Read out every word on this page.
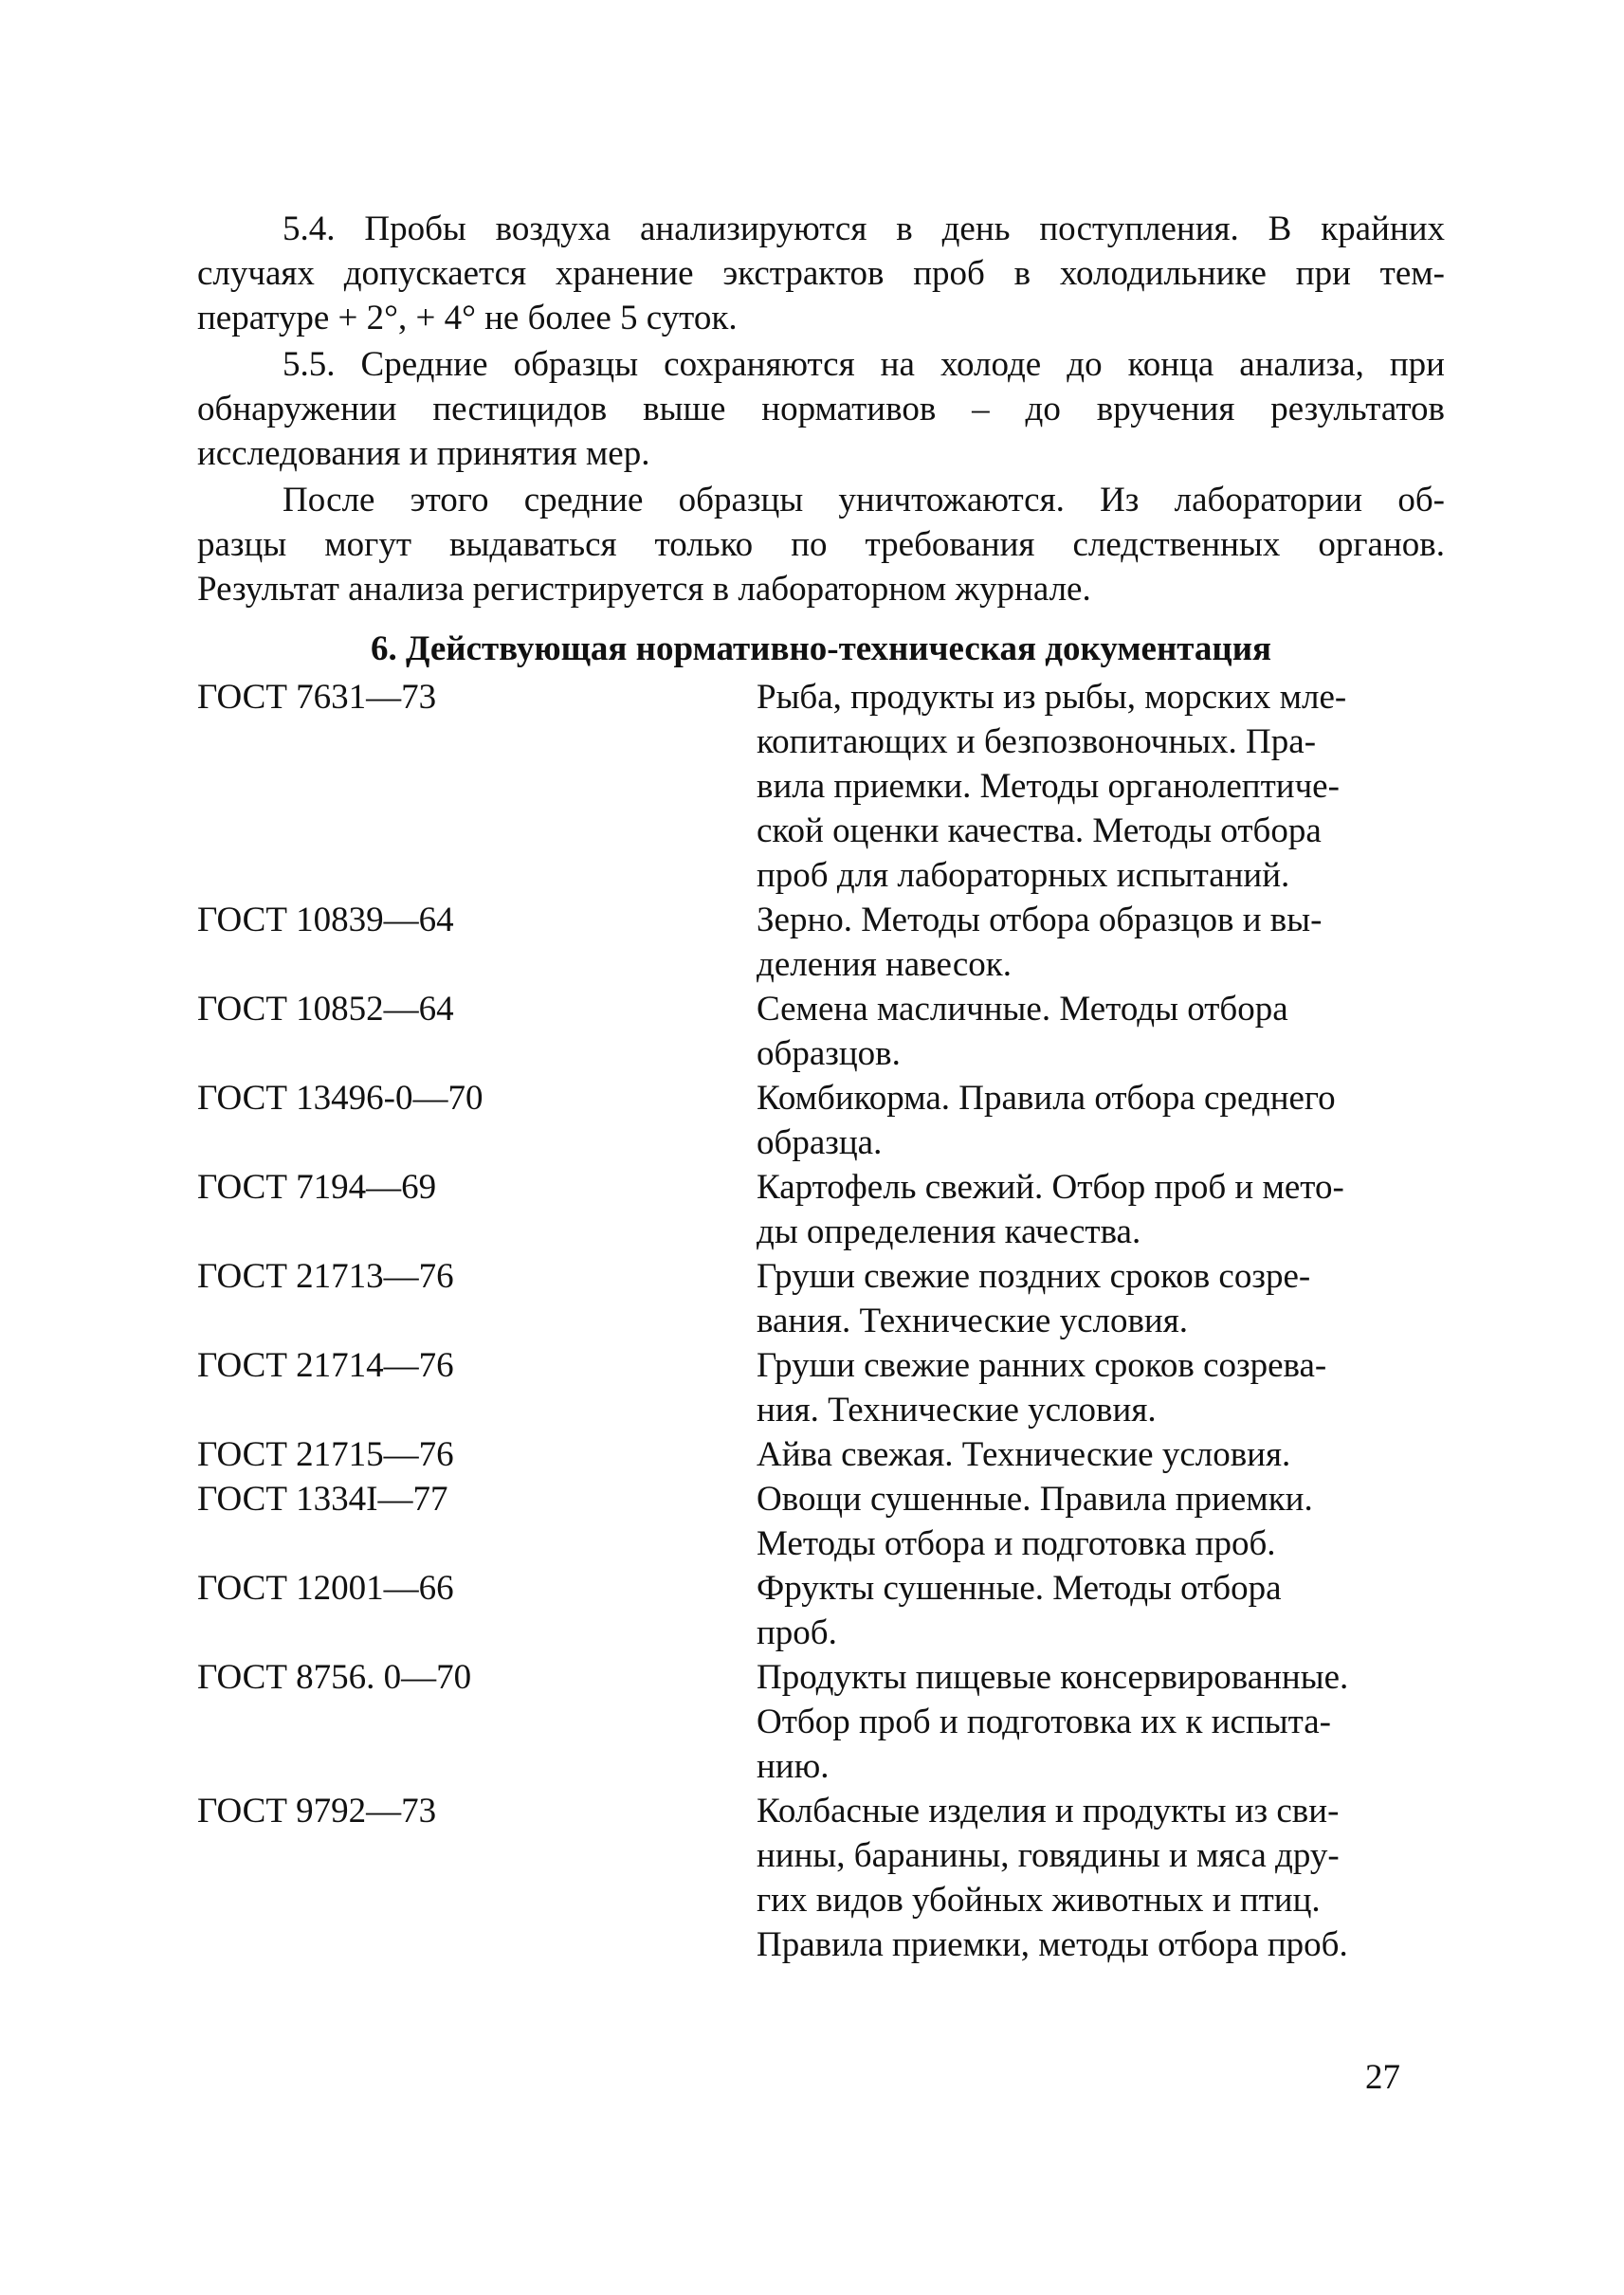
5.4. Пробы воздуха анализируются в день поступления. В крайних
случаях допускается хранение экстрактов проб в холодильнике при тем-
пературе + 2°, + 4° не более 5 суток.

5.5. Средние образцы сохраняются на холоде до конца анализа, при
обнаружении пестицидов выше нормативов – до вручения результатов
исследования и принятия мер.

После этого средние образцы уничтожаются. Из лаборатории об-
разцы могут выдаваться только по требования следственных органов.
Результат анализа регистрируется в лабораторном журнале.

6. Действующая нормативно-техническая документация
ГОСТ 7631—73	Рыба, продукты из рыбы, морских мле-
копитающих и безпозвоночных. Пра-
вила приемки. Методы органолептиче-
ской оценки качества. Методы отбора
проб для лабораторных испытаний.

ГОСТ 10839—64	Зерно. Методы отбора образцов и вы-
деления навесок.

ГОСТ 10852—64	Семена масличные. Методы отбора
образцов.

ГОСТ 13496-0—70	Комбикорма. Правила отбора среднего
образца.

ГОСТ 7194—69	Картофель свежий. Отбор проб и мето-
ды определения качества.

ГОСТ 21713—76	Груши свежие поздних сроков созре-
вания. Технические условия.

ГОСТ 21714—76	Груши свежие ранних сроков созрева-
ния. Технические условия.

ГОСТ 21715—76	Айва свежая. Технические условия.

ГОСТ 1334I—77	Овощи сушенные. Правила приемки.
Методы отбора и подготовка проб.

ГОСТ 12001—66	Фрукты сушенные. Методы отбора
проб.

ГОСТ 8756. 0—70	Продукты пищевые консервированные.
Отбор проб и подготовка их к испыта-
нию.

ГОСТ 9792—73	Колбасные изделия и продукты из сви-
нины, баранины, говядины и мяса дру-
гих видов убойных животных и птиц.
Правила приемки, методы отбора проб.
27
